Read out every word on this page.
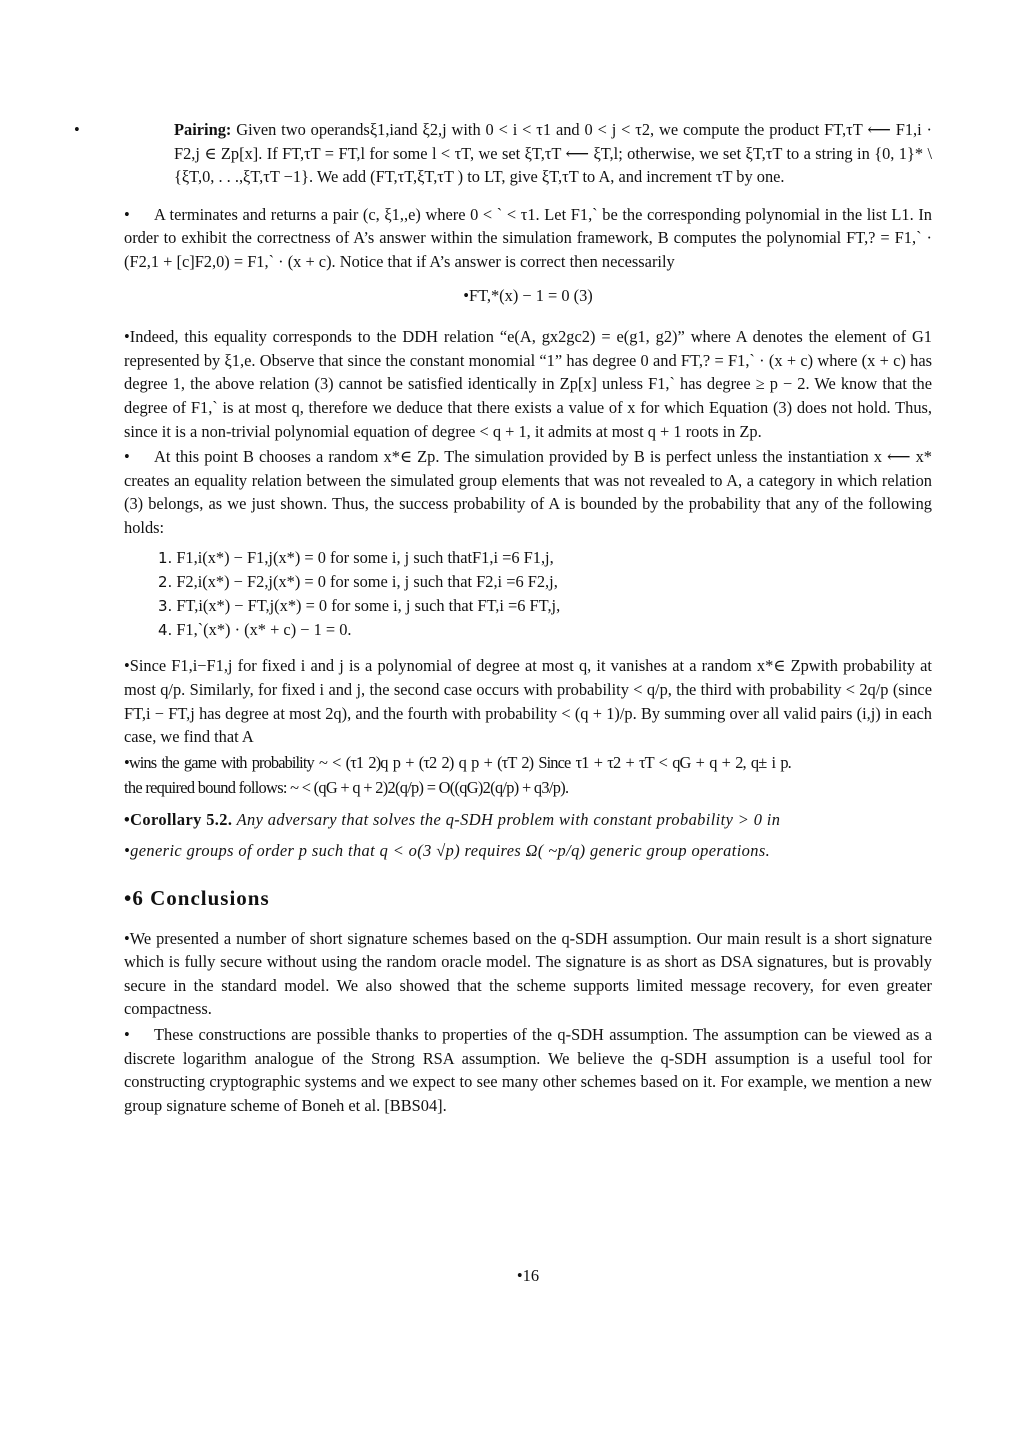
•	Pairing: Given two operandsξ1,iand ξ2,j with 0 < i < τ1 and 0 < j < τ2, we compute the product FT,τT ⟵ F1,i · F2,j ∈ Zp[x]. If FT,τT = FT,l for some l < τT, we set ξT,τT ⟵ ξT,l; otherwise, we set ξT,τT to a string in {0, 1}* \ {ξT,0, . . .,ξT,τT −1}. We add (FT,τT,ξT,τT ) to LT, give ξT,τT to A, and increment τT by one.

• A terminates and returns a pair (c, ξ1,,e) where 0 < ` < τ1. Let F1,` be the corresponding polynomial in the list L1. In order to exhibit the correctness of A’s answer within the simulation framework, B computes the polynomial FT,? = F1,` · (F2,1 + [c]F2,0) = F1,` · (x + c). Notice that if A’s answer is correct then necessarily

•FT,*(x) − 1 = 0 (3)

•Indeed, this equality corresponds to the DDH relation “e(A, gx2gc2) = e(g1, g2)” where A denotes the element of G1 represented by ξ1,e. Observe that since the constant monomial “1” has degree 0 and FT,? = F1,` · (x + c) where (x + c) has degree 1, the above relation (3) cannot be satisfied identically in Zp[x] unless F1,` has degree ≥ p − 2. We know that the degree of F1,` is at most q, therefore we deduce that there exists a value of x for which Equation (3) does not hold. Thus, since it is a non-trivial polynomial equation of degree < q + 1, it admits at most q + 1 roots in Zp.

• At this point B chooses a random x*∈ Zp. The simulation provided by B is perfect unless the instantiation x ⟵ x* creates an equality relation between the simulated group elements that was not revealed to A, a category in which relation (3) belongs, as we just shown. Thus, the success probability of A is bounded by the probability that any of the following holds:

1. F1,i(x*) − F1,j(x*) = 0 for some i, j such thatF1,i =6 F1,j,
2. F2,i(x*) − F2,j(x*) = 0 for some i, j such that F2,i =6 F2,j,
3. FT,i(x*) − FT,j(x*) = 0 for some i, j such that FT,i =6 FT,j,
4. F1,`(x*) · (x* + c) − 1 = 0.

•Since F1,i−F1,j for fixed i and j is a polynomial of degree at most q, it vanishes at a random x*∈ Zpwith probability at most q/p. Similarly, for fixed i and j, the second case occurs with probability < q/p, the third with probability < 2q/p (since FT,i − FT,j has degree at most 2q), and the fourth with probability < (q + 1)/p. By summing over all valid pairs (i,j) in each case, we find that A

•wins the game with probability ~ < (τ1 2)q p + (τ2 2) q p + (τT 2) Since τ1 + τ2 + τT < qG + q + 2, q± i p.

the required bound follows: ~ < (qG + q + 2)2(q/p) = O((qG)2(q/p) + q3/p).

•Corollary 5.2. Any adversary that solves the q-SDH problem with constant probability > 0 in

•generic groups of order p such that q < o(3 √p) requires Ω( ~p/q) generic group operations.

•6 Conclusions

•We presented a number of short signature schemes based on the q-SDH assumption. Our main result is a short signature which is fully secure without using the random oracle model. The signature is as short as DSA signatures, but is provably secure in the standard model. We also showed that the scheme supports limited message recovery, for even greater compactness.

• These constructions are possible thanks to properties of the q-SDH assumption. The assumption can be viewed as a discrete logarithm analogue of the Strong RSA assumption. We believe the q-SDH assumption is a useful tool for constructing cryptographic systems and we expect to see many other schemes based on it. For example, we mention a new group signature scheme of Boneh et al. [BBS04].

•16
